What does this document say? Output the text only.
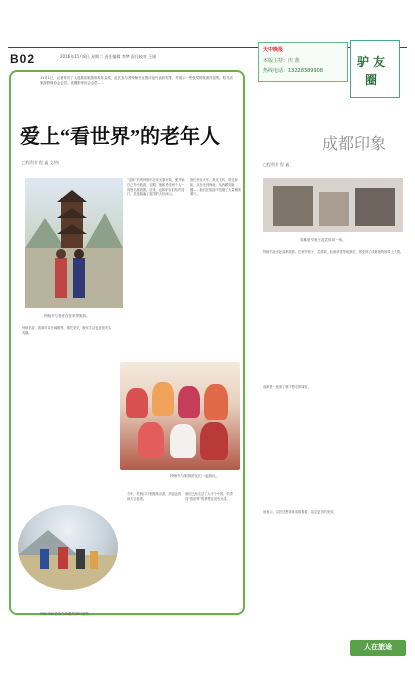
B02	2016年11月8日 星期二 责任编辑 李梦 责任校对 王刚
天中晚报
本版主持：庆 蓝
热线电话：13228389908
驴 友
圈
11月1日，记者采访了入选我省旅游形象年金奖，此次参与者钟贻书互感评论代表获奖等，并展示一些获奖的旅游作品集，驻马店旅游影像协会会员、省摄影家协会会员……
爱上“看世界”的老年人
□程利芳 程 鑫 文/图
钟贻书与老伴在张家界旅游。
“退休”后的钟贻书在家无事可做，便开始自己外出旅游。初期，他和老伴两个人一同报名旅游团，后来，也和驴友们结伴同行，足迹踏遍了祖国的大好河山。
他们坐过火车、乘过飞机、搭过轮船，从东北到海南，从西藏到新疆……他们在旅途中拍摄了大量精美照片。
钟贻书说，旅游可以开阔眼界，增长见识，晚年生活也更加充实有趣。
钟贻书与旅游团友们一起游玩。
钟贻书和老伴在新疆旅游时留影。
今年，老两口计划继续出游，到更远的地方去看看。
他们已经走过了大半个中国，仍觉得“看世界”的梦想还没有完成。
成都印象
□程利芳 程 鑫
成都宽窄巷子及武侯祠一角。
钟贻书此次赴成都旅游，在宽窄巷子、武侯祠、杜甫草堂等地游览，感受到了成都独特的风土人情。
成都是一座来了就不想走的城市。
他表示，以后还想再来成都看看，品尝更多的美食。
人在旅途
